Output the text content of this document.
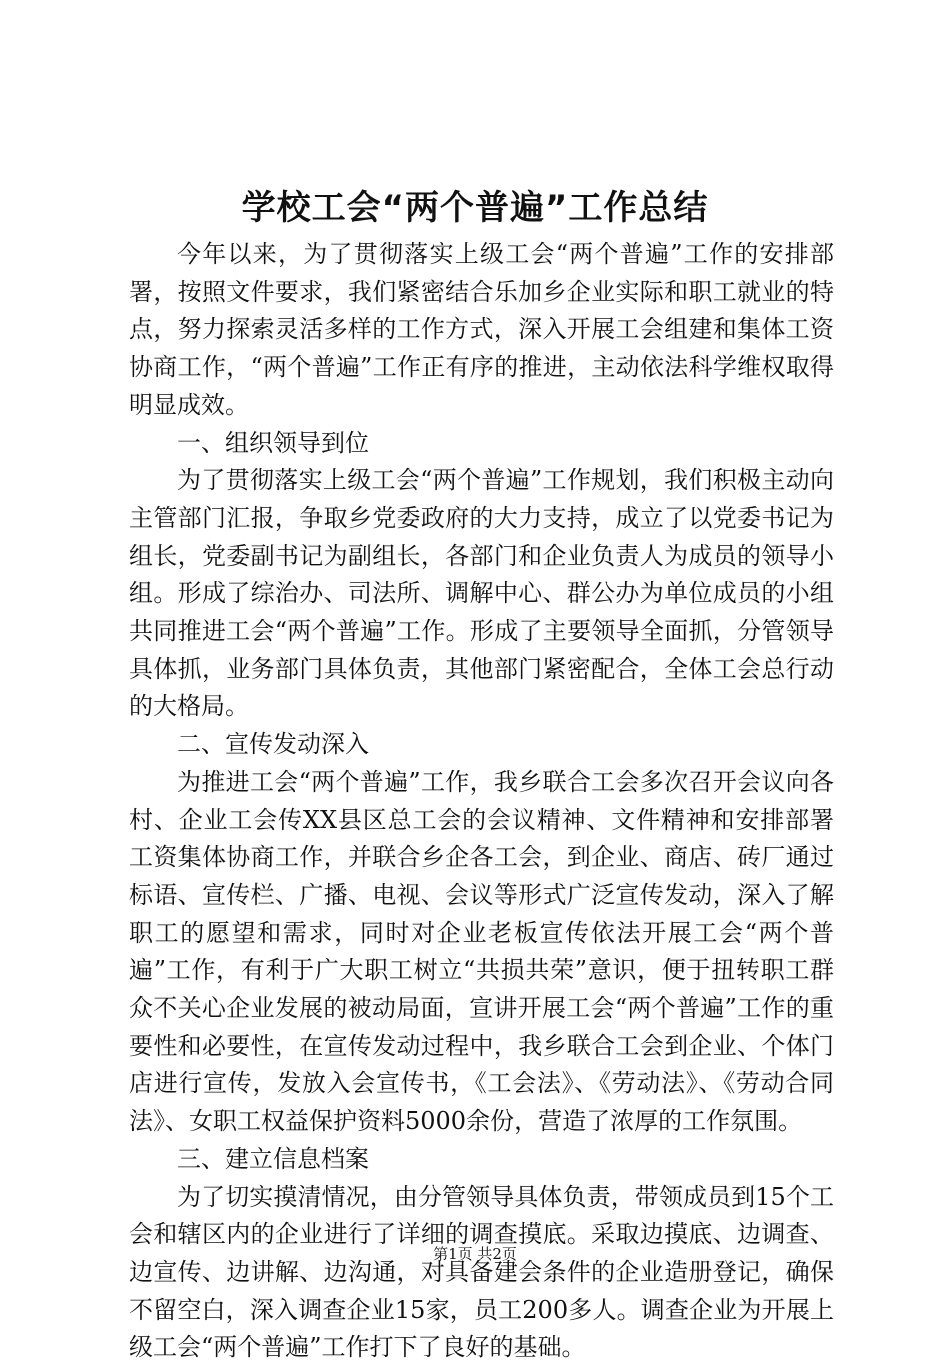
学校工会“两个普遍”工作总结

今年以来，为了贯彻落实上级工会“两个普遍”工作的安排部署，按照文件要求，我们紧密结合乐加乡企业实际和职工就业的特点，努力探索灵活多样的工作方式，深入开展工会组建和集体工资协商工作，“两个普遍”工作正有序的推进，主动依法科学维权取得明显成效。

一、组织领导到位

为了贯彻落实上级工会“两个普遍”工作规划，我们积极主动向主管部门汇报，争取乡党委政府的大力支持，成立了以党委书记为组长，党委副书记为副组长，各部门和企业负责人为成员的领导小组。形成了综治办、司法所、调解中心、群公办为单位成员的小组共同推进工会“两个普遍”工作。形成了主要领导全面抓，分管领导具体抓，业务部门具体负责，其他部门紧密配合，全体工会总行动的大格局。

二、宣传发动深入

为推进工会“两个普遍”工作，我乡联合工会多次召开会议向各村、企业工会传XX县区总工会的会议精神、文件精神和安排部署工资集体协商工作，并联合乡企各工会，到企业、商店、砖厂通过标语、宣传栏、广播、电视、会议等形式广泛宣传发动，深入了解职工的愿望和需求，同时对企业老板宣传依法开展工会“两个普遍”工作，有利于广大职工树立“共损共荣”意识，便于扭转职工群众不关心企业发展的被动局面，宣讲开展工会“两个普遍”工作的重要性和必要性，在宣传发动过程中，我乡联合工会到企业、个体门店进行宣传，发放入会宣传书，《工会法》、《劳动法》、《劳动合同法》、女职工权益保护资料5000余份，营造了浓厚的工作氛围。

三、建立信息档案

为了切实摸清情况，由分管领导具体负责，带领成员到15个工会和辖区内的企业进行了详细的调查摸底。采取边摸底、边调查、边宣传、边讲解、边沟通，对具备建会条件的企业造册登记，确保不留空白，深入调查企业15家，员工200多人。调查企业为开展上级工会“两个普遍”工作打下了良好的基础。

第1页 共2页
